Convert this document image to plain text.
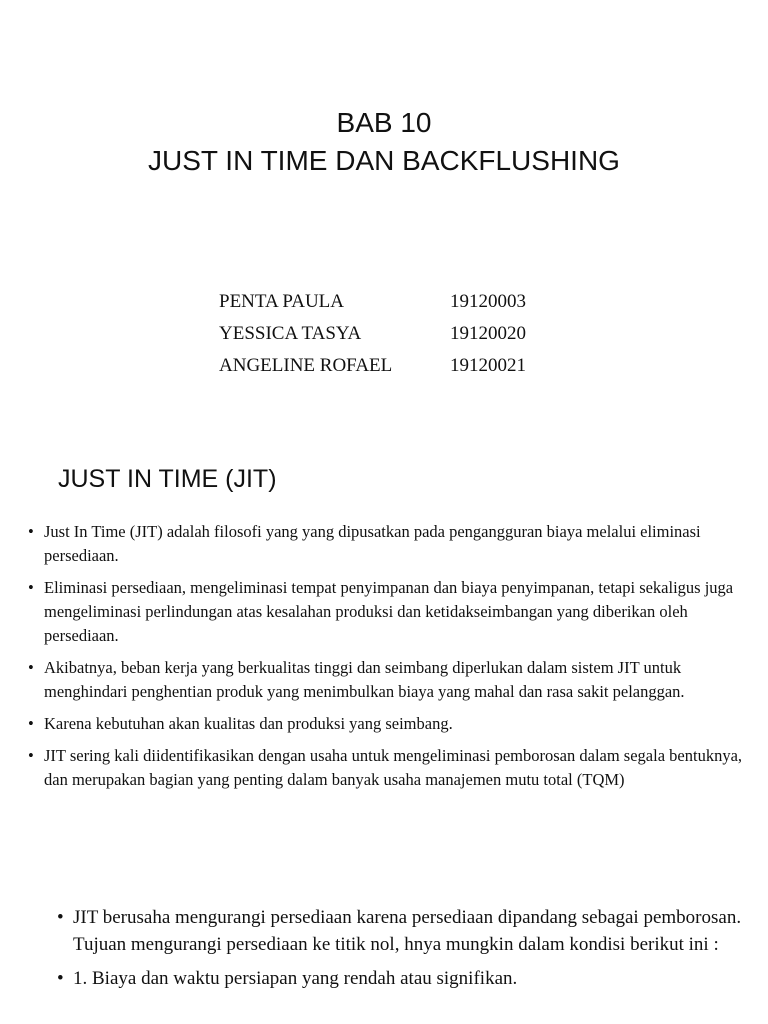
BAB 10
JUST IN TIME DAN BACKFLUSHING
PENTA PAULA	19120003
YESSICA TASYA	19120020
ANGELINE ROFAEL	19120021
JUST IN TIME (JIT)
• Just In Time (JIT) adalah filosofi yang yang dipusatkan pada pengangguran biaya melalui eliminasi persediaan.
• Eliminasi persediaan, mengeliminasi tempat penyimpanan dan biaya penyimpanan, tetapi sekaligus juga mengeliminasi perlindungan atas kesalahan produksi dan ketidakseimbangan yang diberikan oleh persediaan.
• Akibatnya, beban kerja yang berkualitas tinggi dan seimbang diperlukan dalam sistem JIT untuk menghindari penghentian produk yang menimbulkan biaya yang mahal dan rasa sakit pelanggan.
• Karena kebutuhan akan kualitas dan produksi yang seimbang.
• JIT sering kali diidentifikasikan dengan usaha untuk mengeliminasi pemborosan dalam segala bentuknya, dan merupakan bagian yang penting dalam banyak usaha manajemen mutu total (TQM)
• JIT berusaha mengurangi persediaan karena persediaan dipandang sebagai pemborosan. Tujuan mengurangi persediaan ke titik nol, hnya mungkin dalam kondisi berikut ini :
• 1. Biaya dan waktu persiapan yang rendah atau signifikan.
